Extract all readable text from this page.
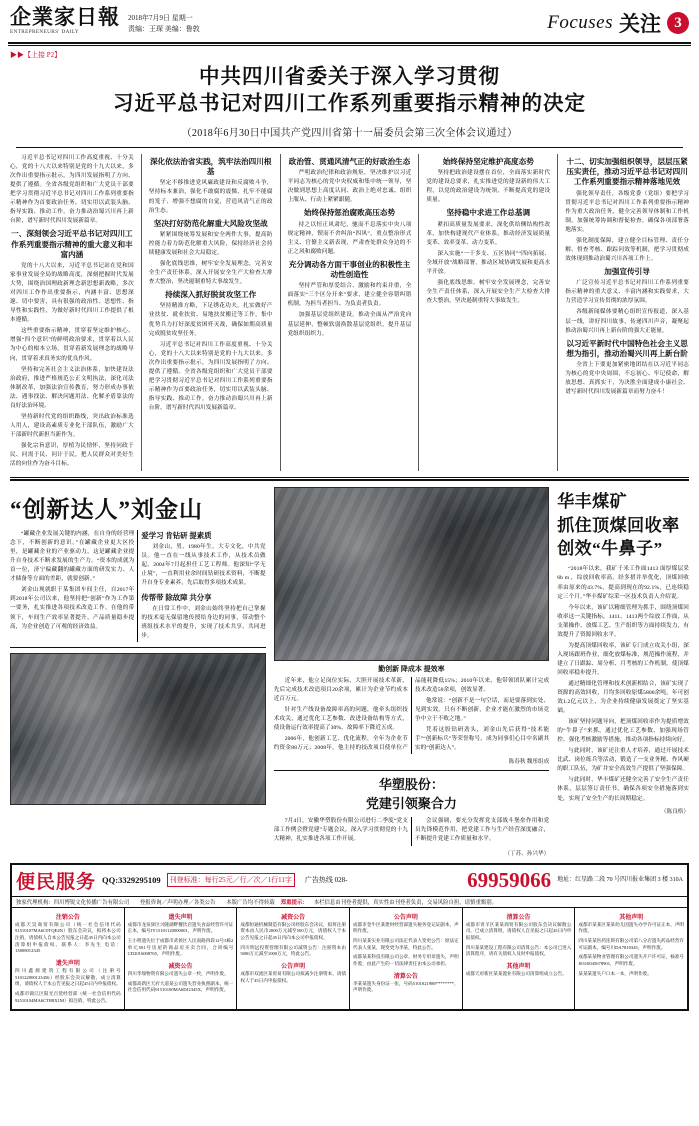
企業家日報
ENTREPRENEURS' DAILY
2018年7月9日 星期一
责编：王琛 美编：鲁敦	Focuses 关注 3
▶▶【上接 P2】
中共四川省委关于深入学习贯彻
习近平总书记对四川工作系列重要指示精神的决定
（2018年6月30日中国共产党四川省第十一届委员会第三次全体会议通过）

习近平总书记对四川工作高度重视、十分关心，党的十八大以来特别是党的十九大以来，多次作出重要指示批示，为四川发展指明了方向、提供了遵循。全省各级党组织和广大党员干部要把学习贯彻习近平总书记对四川工作系列重要指示精神作为首要政治任务，切实用以武装头脑、指导实践、推动工作，奋力推动治蜀兴川再上新台阶，谱写新时代四川发展新篇章。

一、深刻领会习近平总书记对四川工作系列重要指示精神的重大意义和丰富内涵

党的十八大以来，习近平总书记站在党和国家事业发展全局的战略高度，深刻把握时代发展大势，围绕治国理政新理念新思想新战略，多次对四川工作作出重要指示，内涵丰富、思想深邃、切中要害，具有很强的政治性、思想性、指导性和实践性，为做好新时代四川工作提供了根本遵循。

这些重要指示精神，贯穿着坚定维护核心、增强“四个意识”的鲜明政治要求，贯穿着以人民为中心的根本立场，贯穿着新发展理念的战略导向，贯穿着求真务实的优良作风。

坚持和完善社会主义法治体系，加快建设法治政府，推进严格规范公正文明执法，深化司法体制改革，加强法治宣传教育，努力形成办事依法、遇事找法、解决问题用法、化解矛盾靠法的良好法治环境。

坚持新时代党的组织路线，突出政治标准选人用人，建设高素质专业化干部队伍，激励广大干部新时代新担当新作为。

强化宗旨意识，厚植为民情怀，坚持问政于民、问需于民、问计于民，把人民群众对美好生活的向往作为奋斗目标。

深化依法治省实践，筑牢法治四川根基

坚定不移推进党风廉政建设和反腐败斗争，坚持标本兼治，强化不敢腐的震慑、扎牢不能腐的笼子、增强不想腐的自觉，营造风清气正的政治生态。

坚决打好防范化解重大风险攻坚战

紧紧围绕统筹发展和安全两件大事，提高防控能力着力防范化解重大风险，保持经济社会持续健康发展和社会大局稳定。

强化底线思维，树牢安全发展理念，完善安全生产责任体系，深入开展安全生产大检查大排查大整治，坚决遏制重特大事故发生。

持续深入抓好脱贫攻坚工作

坚持精准方略，下足绣花功夫，扎实做好产业扶贫、就业扶贫、易地扶贫搬迁等工作，集中优势兵力打好深度贫困歼灭战，确保如期高质量完成脱贫攻坚任务。

习近平总书记对四川工作高度重视、十分关心，党的十八大以来特别是党的十九大以来，多次作出重要指示批示，为四川发展指明了方向、提供了遵循。全省各级党组织和广大党员干部要把学习贯彻习近平总书记对四川工作系列重要指示精神作为首要政治任务，切实用以武装头脑、指导实践、推动工作，奋力推动治蜀兴川再上新台阶，谱写新时代四川发展新篇章。

政治管、贯通风清气正的好政治生态

严明政治纪律和政治规矩，坚决维护以习近平同志为核心的党中央权威和集中统一领导，坚决做到思想上高度认同、政治上绝对忠诚、组织上服从、行动上紧紧跟随。

始终保持惩治腐败高压态势

持之以恒正风肃纪，驰而不息落实中央八项规定精神，锲而不舍纠治“四风”，重点整治形式主义、官僚主义新表现，严肃查处群众身边的不正之风和腐败问题。

充分调动各方面干事创业的积极性主动性创造性

坚持严管和厚爱结合、激励和约束并重，全面落实“三个区分开来”要求，建立健全容错纠错机制，为担当者担当、为负责者负责。

加强基层党组织建设，推动全面从严治党向基层延伸，整顿软弱涣散基层党组织，提升基层党组织组织力。

始终保持坚定维护高度态势

坚持把政治建设摆在首位，全面落实新时代党的建设总要求，扎实推进党的建设新的伟大工程，以党的政治建设为统领，不断提高党的建设质量。

坚持稳中求进工作总基调

紧扣高质量发展要求，深化供给侧结构性改革，加快构建现代产业体系，推动经济发展质量变革、效率变革、动力变革。

深入实施“一干多支、五区协同”“四向拓展、全域开放”战略部署，推动区域协调发展和更高水平开放。

强化底线思维，树牢安全发展理念，完善安全生产责任体系，深入开展安全生产大检查大排查大整治，坚决遏制重特大事故发生。

十二、切实加强组织领导，层层压紧压实责任，推动习近平总书记对四川工作系列重要指示精神落地见效

强化领导责任，各级党委（党组）要把学习贯彻习近平总书记对四川工作系列重要指示精神作为重大政治任务，健全完善领导体制和工作机制，加强统筹协调和督促检查，确保各项部署落地落实。

强化制度保障，建立健全目标管理、责任分解、督查考核、跟踪问效等机制，把学习贯彻成效体现到推动治蜀兴川各项工作上。

加强宣传引导

广泛宣传习近平总书记对四川工作系列重要指示精神的重大意义、丰富内涵和实践要求，大力营造学习宣传贯彻的浓厚氛围。

各级新闻媒体要精心组织宣传报道，深入基层一线，讲好四川故事，传递四川声音，凝聚起推动治蜀兴川再上新台阶的强大正能量。

以习近平新时代中国特色社会主义思想为指引，推动治蜀兴川再上新台阶

全省上下要更加紧密地团结在以习近平同志为核心的党中央周围，不忘初心、牢记使命，解放思想、真抓实干，为决胜全面建成小康社会、谱写新时代四川发展新篇章而努力奋斗！

“创新达人”刘金山

“罐藏企业发展关键的内涵，在自身的经营理念下，不断创新的意识。”在罐藏企业更大区投里，是罐藏企业的产业驱动力，这是罐藏企业提升自身技术不断求发展的生产力。“资本的成就为首一位，济宁偏藏翻的罐藏方面的研发实力、人才储备等方面的差距，就要创新。”

刘金山现就职于某集团车间主任，自2017年到2018年公司以来，他坚持把“创新”作为工作第一要务，扎实推进各项技术改造工作。在他的带领下，车间生产效率显著提升，产品质量稳步提高，为企业创造了可观的经济效益。

爱学习 肯钻研 提素质

刘金山，男，1980年生，大专文化，中共党员。他一直在一线从事技术工作，从技术员做起，2004年7月起担任工艺工程师。他深知“学无止境”，一直利用业余时间钻研技术资料，不断提升自身专业素养，先后取得多项技术成果。

传帮带 除故障 共分享

在日常工作中，刘金山始终坚持把自己掌握的技术毫无保留地传授给身边的同事，带动整个班组技术水平的提升，实现了技术共享、共同进步。

勤创新 降成本 提效率

近年来，他立足岗位实际，大胆开展技术革新，先后完成技术改造项目20余项，累计为企业节约成本近百万元。

针对生产线设备故障率高的问题，他牵头组织技术攻关，通过优化工艺参数、改进设备结构等方式，使设备运行效率提高了30%，故障率下降近五成。

2006年，他创新工艺、优化流程，全年为企业节约资金88万元；2008年，他主持的技改项目使单位产品能耗降低15%；2010年以来，他带领团队累计完成技术改造50余项，创效显著。

他常说：“创新不是一句空话，而是要落到实处、见到实效。只有不断创新，企业才能在激烈的市场竞争中立于不败之地。”

凭着这股钻研劲头，刘金山先后获得“技术能手”“创新标兵”等荣誉称号，成为同事们心目中名副其实的“创新达人”。

陈春秋 魏彤组成
华塑股份：
党建引领聚合力

7月4日，安徽华塑股份有限公司进行二季度“党支部工作例会暨党建”专题会议，深入学习贯彻党的十九大精神，扎实推进各项工作开展。

会议强调，要充分发挥党支部战斗堡垒作用和党员先锋模范作用，把党建工作与生产经营深度融合，不断提升党建工作质量和水平。

（丁苏、孙兴华）
华丰煤矿
抓住顶煤回收率
创效“牛鼻子”

“2018年以来，我矿千米工作面1413 面厚煤层采6b m ，综放回收率高，经多措并举优化，顶煤回收率由原来的43.7%，提高到现在的92.1%，已连续稳定三个月。”华丰煤矿综采一区技术负责人介绍说。

今年以来，该矿以精细管理为抓手，围绕顶煤回收率这一关键指标，1411、1413两个综放工作面，从支架操作、放煤工艺、生产组织等方面持续发力，有效提升了资源回收水平。

为提高顶煤回收率，该矿专门成立攻关小组，深入现场跟班作业，细化放煤标准，规范操作流程，并建立了日跟踪、周分析、月考核的工作机制，使顶煤回收率稳步提升。

通过精细化管理和技术创新相结合，该矿实现了资源的高效回收，月均多回收原煤5800余吨，年可创效1.2亿元以上，为企业持续健康发展奠定了坚实基础。

该矿坚持问题导向，把顶煤回收率作为提质增效的“牛鼻子”来抓，通过优化工艺参数、加强现场管控、强化考核激励等措施，推动各项指标持续向好。

与此同时，该矿还注重人才培养，通过开展技术比武、岗位练兵等活动，锻造了一支业务精、作风硬的职工队伍，为矿井安全高效生产提供了坚强保障。

与此同时，华丰煤矿还健全完善了安全生产责任体系，层层签订责任书，确保各项安全措施落到实处，实现了安全生产的长周期稳定。

（陈良格）
便民服务 QQ:3329295109	刊登标准：每行25元／行／次／1行11字	广告热线 028-	69959066 地址：红星路二段 70 号四川报业集团 3 楼 310A
独家代理机构：四川博锐文化传播广告有限公司　　登报咨询／声明办理／各类公告　　本版广告均不得转载 郑重提示： 本栏信息由刊登者提供，真实性由刊登者负责，交易风险自担，请慎重甄别。
注销公告
成都天昊商贸有限公司（统一社会信用代码91510107MA6C0TQE4N）股东会决议，拟将本公司注销，请债权人自本公告见报之日起45日内向本公司清算组申报债权。联系人：李先生 电话：13808012345
遗失声明
四川鑫源建筑工程有限公司（注册号510122000123456）经股东会决议解散，成立清算组，请债权人于本公告见报之日起45日内申报债权。
成都市锦江区阳光百货经营部（统一社会信用代码92510104MA6CTR8X1M）拟注销，特此公告。
遗失声明
成都市龙泉驿区兴隆湖畔餐饮店遗失食品经营许可证正本，编号JY15101120000001，声明作废。
王小明遗失位于成都市武侯区人民南路四段12号3栋2单元501号房屋的商品房买卖合同，合同编号CD2016008765，声明作废。
减资公告
四川华瑞物资有限公司遗失公章一枚，声明作废。
成都高新区天府大道某公司遗失营业执照副本，统一社会信用代码91510100MA6DJ2345X，声明作废。
减资公告
成都恒通机械制造有限公司经股东会决议，拟将注册资本由人民币2000万元减至500万元，请债权人于本公告见报之日起45日内向本公司申报债权。
四川明远投资管理有限公司减资公告：注册资本由5000万元减至1000万元，特此公告。
公告声明
成都市双流区某贸易有限公司拟减少注册资本，请债权人于45日内申报债权。
公告声明
成都市金牛区某建材经营部遗失税务登记证副本，声明作废。
四川某某实业有限公司法定代表人变更公告：原法定代表人张某，现变更为李某，特此公告。
成都某某科技有限公司公章、财务专用章遗失，声明作废，由此产生的一切法律责任由本公司承担。
清算公告
李某某遗失身份证一张，号码5101021988********，声明作废。
清算公告
成都市青羊区某某商贸有限公司股东会决议解散公司，已成立清算组，请债权人自见报之日起45日内申报债权。
四川某某建设工程有限公司清算公告：本公司已进入清算程序，请有关债权人及时申报债权。
其他声明
成都天府新区某某置业有限公司清算组成立公告。
其他声明
成都市某某区某某幼儿园遗失办学许可证正本，声明作废。
四川某某医药连锁有限公司第八分店遗失药品经营许可证副本，编号川DA7810345，声明作废。
成都某某物业管理有限公司遗失开户许可证，核准号J6510045678901，声明作废。
某某某遗失户口本一本，声明作废。
